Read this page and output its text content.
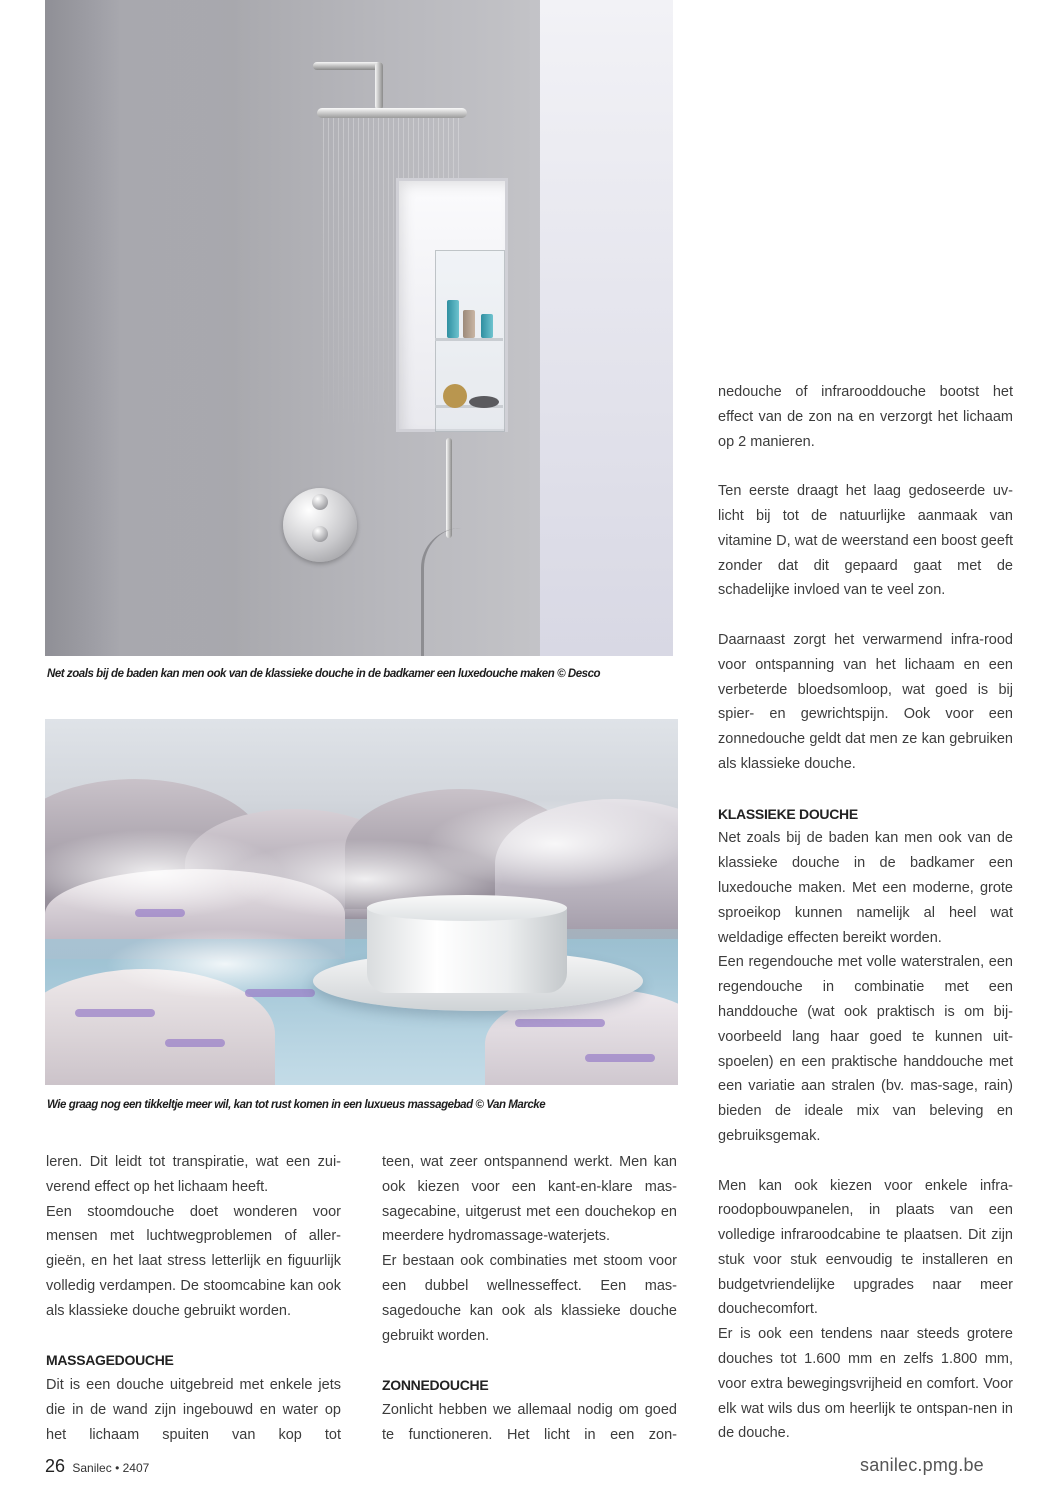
Net zoals bij de baden kan men ook van de klassieke douche in de badkamer een luxedouche maken © Desco
Wie graag nog een tikkeltje meer wil, kan tot rust komen in een luxueus massagebad © Van Marcke

nedouche of infrarooddouche bootst het effect van de zon na en verzorgt het lichaam op 2 manieren.

Ten eerste draagt het laag gedoseerde uv-licht bij tot de natuurlijke aanmaak van vitamine D, wat de weerstand een boost geeft zonder dat dit gepaard gaat met de schadelijke invloed van te veel zon.

Daarnaast zorgt het verwarmend infra-rood voor ontspanning van het lichaam en een verbeterde bloedsomloop, wat goed is bij spier- en gewrichtspijn. Ook voor een zonnedouche geldt dat men ze kan gebruiken als klassieke douche.

KLASSIEKE DOUCHE

Net zoals bij de baden kan men ook van de klassieke douche in de badkamer een luxedouche maken. Met een moderne, grote sproeikop kunnen namelijk al heel wat weldadige effecten bereikt worden.

Een regendouche met volle waterstralen, een regendouche in combinatie met een handdouche (wat ook praktisch is om bij-voorbeeld lang haar goed te kunnen uit-spoelen) en een praktische handdouche met een variatie aan stralen (bv. mas-sage, rain) bieden de ideale mix van beleving en gebruiksgemak.

Men kan ook kiezen voor enkele infra-roodopbouwpanelen, in plaats van een volledige infraroodcabine te plaatsen. Dit zijn stuk voor stuk eenvoudig te installeren en budgetvriendelijke upgrades naar meer douchecomfort.

Er is ook een tendens naar steeds grotere douches tot 1.600 mm en zelfs 1.800 mm, voor extra bewegingsvrijheid en comfort. Voor elk wat wils dus om heerlijk te ontspan-nen in de douche.

leren. Dit leidt tot transpiratie, wat een zui-verend effect op het lichaam heeft.

Een stoomdouche doet wonderen voor mensen met luchtwegproblemen of aller-gieën, en het laat stress letterlijk en figuurlijk volledig verdampen. De stoomcabine kan ook als klassieke douche gebruikt worden.

MASSAGEDOUCHE

Dit is een douche uitgebreid met enkele jets die in de wand zijn ingebouwd en water op het lichaam spuiten van kop tot

teen, wat zeer ontspannend werkt. Men kan ook kiezen voor een kant-en-klare mas-sagecabine, uitgerust met een douchekop en meerdere hydromassage-waterjets.

Er bestaan ook combinaties met stoom voor een dubbel wellnesseffect. Een mas-sagedouche kan ook als klassieke douche gebruikt worden.

ZONNEDOUCHE

Zonlicht hebben we allemaal nodig om goed te functioneren. Het licht in een zon-

26 Sanilec • 2407	sanilec.pmg.be
